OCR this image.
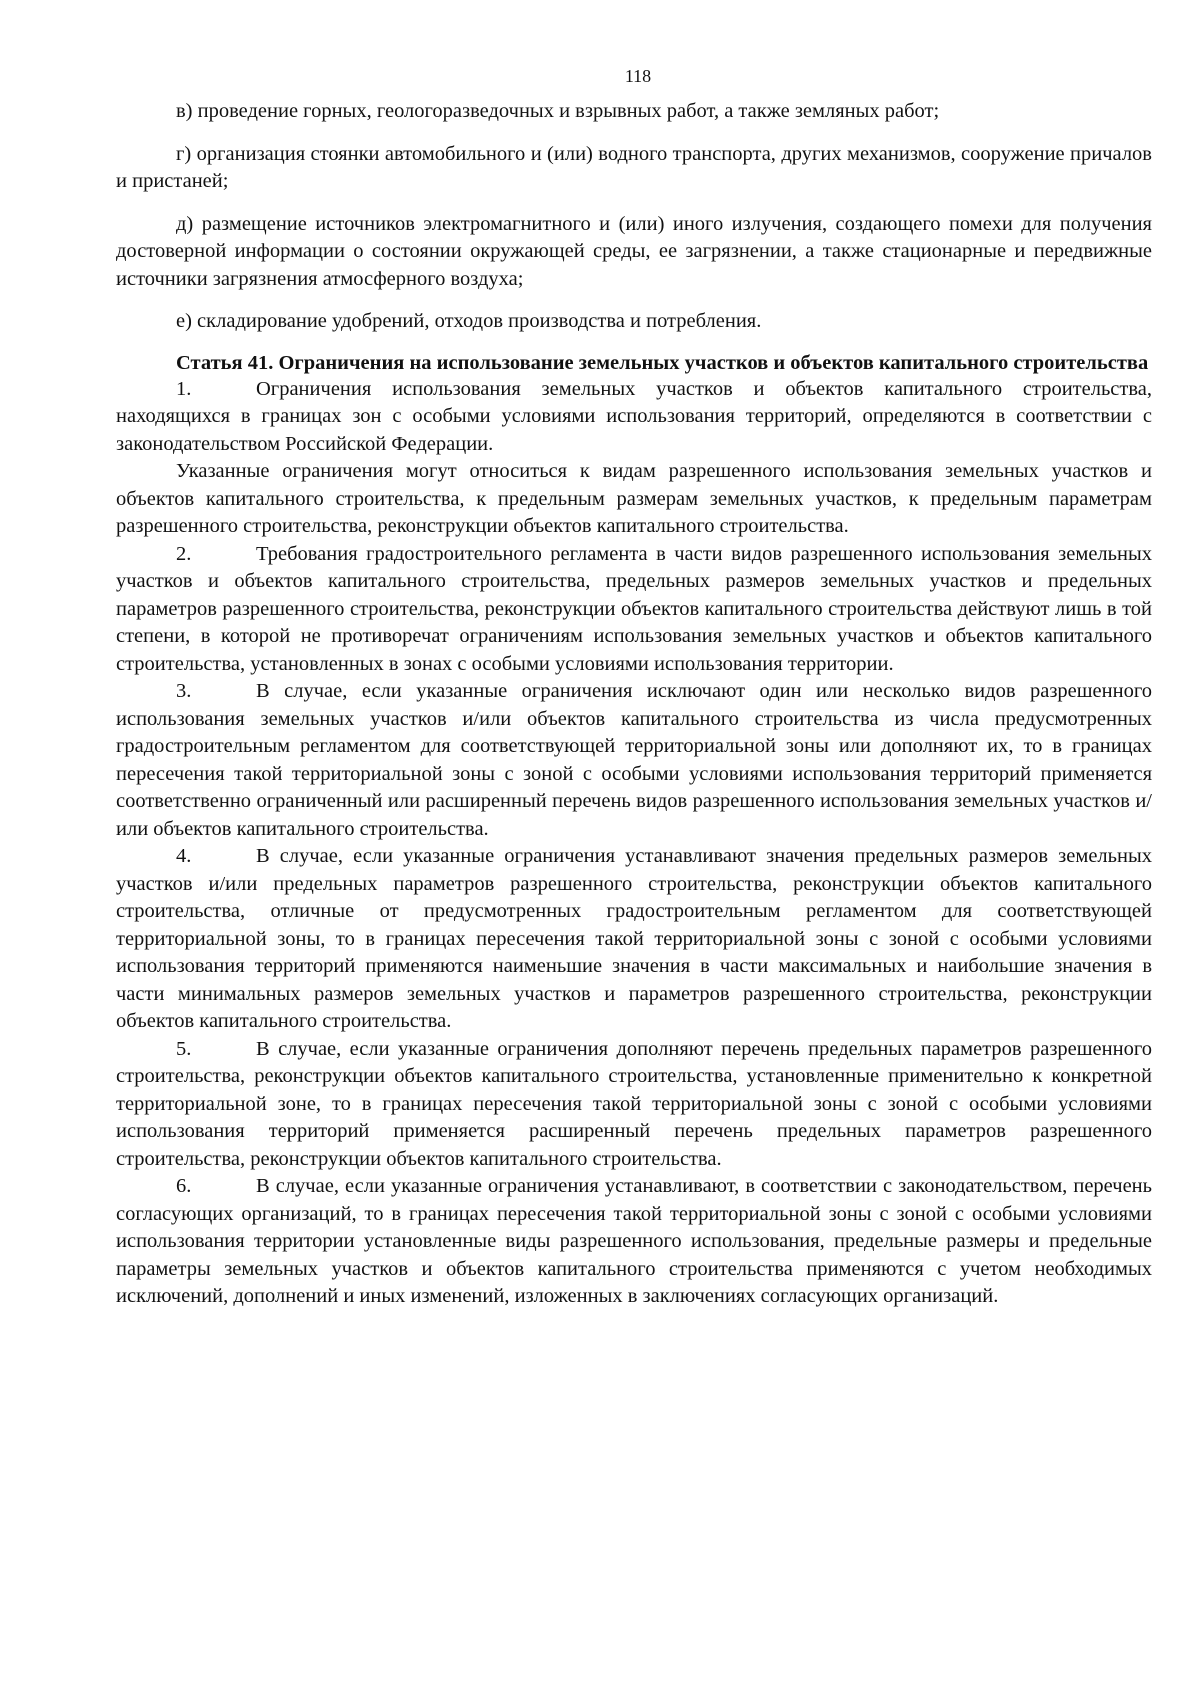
118

в) проведение горных, геологоразведочных и взрывных работ, а также земляных работ;

г) организация стоянки автомобильного и (или) водного транспорта, других механизмов, сооружение причалов и пристаней;

д) размещение источников электромагнитного и (или) иного излучения, создающего помехи для получения достоверной информации о состоянии окружающей среды, ее загрязнении, а также стационарные и передвижные источники загрязнения атмосферного воздуха;

е) складирование удобрений, отходов производства и потребления.

Статья 41. Ограничения на использование земельных участков и объектов капитального строительства

1.	Ограничения использования земельных участков и объектов капитального строительства, находящихся в границах зон с особыми условиями использования территорий, определяются в соответствии с законодательством Российской Федерации.

Указанные ограничения могут относиться к видам разрешенного использования земельных участков и объектов капитального строительства, к предельным размерам земельных участков, к предельным параметрам разрешенного строительства, реконструкции объектов капитального строительства.

2.	Требования градостроительного регламента в части видов разрешенного использования земельных участков и объектов капитального строительства, предельных размеров земельных участков и предельных параметров разрешенного строительства, реконструкции объектов капитального строительства действуют лишь в той степени, в которой не противоречат ограничениям использования земельных участков и объектов капитального строительства, установленных в зонах с особыми условиями использования территории.

3.	В случае, если указанные ограничения исключают один или несколько видов разрешенного использования земельных участков и/или объектов капитального строительства из числа предусмотренных градостроительным регламентом для соответствующей территориальной зоны или дополняют их, то в границах пересечения такой территориальной зоны с зоной с особыми условиями использования территорий применяется соответственно ограниченный или расширенный перечень видов разрешенного использования земельных участков и/или объектов капитального строительства.

4.	В случае, если указанные ограничения устанавливают значения предельных размеров земельных участков и/или предельных параметров разрешенного строительства, реконструкции объектов капитального строительства, отличные от предусмотренных градостроительным регламентом для соответствующей территориальной зоны, то в границах пересечения такой территориальной зоны с зоной с особыми условиями использования территорий применяются наименьшие значения в части максимальных и наибольшие значения в части минимальных размеров земельных участков и параметров разрешенного строительства, реконструкции объектов капитального строительства.

5.	В случае, если указанные ограничения дополняют перечень предельных параметров разрешенного строительства, реконструкции объектов капитального строительства, установленные применительно к конкретной территориальной зоне, то в границах пересечения такой территориальной зоны с зоной с особыми условиями использования территорий применяется расширенный перечень предельных параметров разрешенного строительства, реконструкции объектов капитального строительства.

6.	В случае, если указанные ограничения устанавливают, в соответствии с законодательством, перечень согласующих организаций, то в границах пересечения такой территориальной зоны с зоной с особыми условиями использования территории установленные виды разрешенного использования, предельные размеры и предельные параметры земельных участков и объектов капитального строительства применяются с учетом необходимых исключений, дополнений и иных изменений, изложенных в заключениях согласующих организаций.
